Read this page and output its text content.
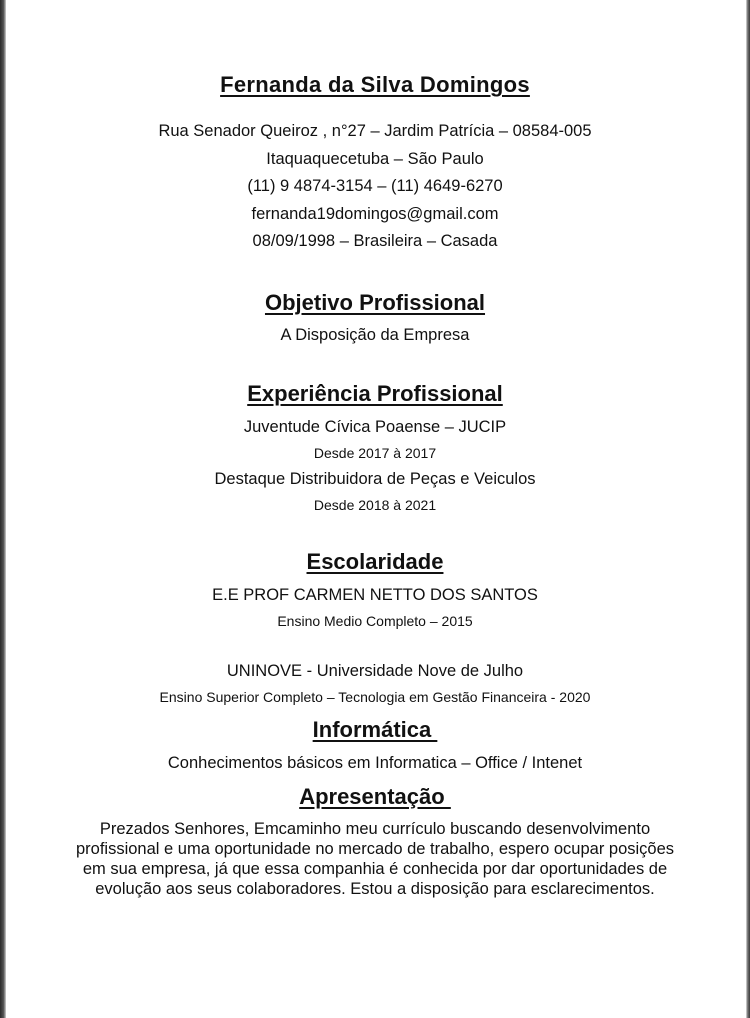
Fernanda da Silva Domingos
Rua Senador Queiroz , n°27 – Jardim Patrícia – 08584-005
Itaquaquecetuba – São Paulo
(11) 9 4874-3154 – (11) 4649-6270
fernanda19domingos@gmail.com
08/09/1998 – Brasileira – Casada
Objetivo Profissional
A Disposição da Empresa
Experiência Profissional
Juventude Cívica Poaense – JUCIP
Desde 2017 à 2017
Destaque Distribuidora de Peças e Veiculos
Desde 2018 à 2021
Escolaridade
E.E PROF CARMEN NETTO DOS SANTOS
Ensino Medio Completo – 2015
UNINOVE - Universidade Nove de Julho
Ensino Superior Completo – Tecnologia em Gestão Financeira - 2020
Informática
Conhecimentos básicos em Informatica – Office / Intenet
Apresentação
Prezados Senhores, Emcaminho meu currículo buscando desenvolvimento profissional e uma oportunidade no mercado de trabalho, espero ocupar posições em sua empresa, já que essa companhia é conhecida por dar oportunidades de evolução aos seus colaboradores. Estou a disposição para esclarecimentos.
